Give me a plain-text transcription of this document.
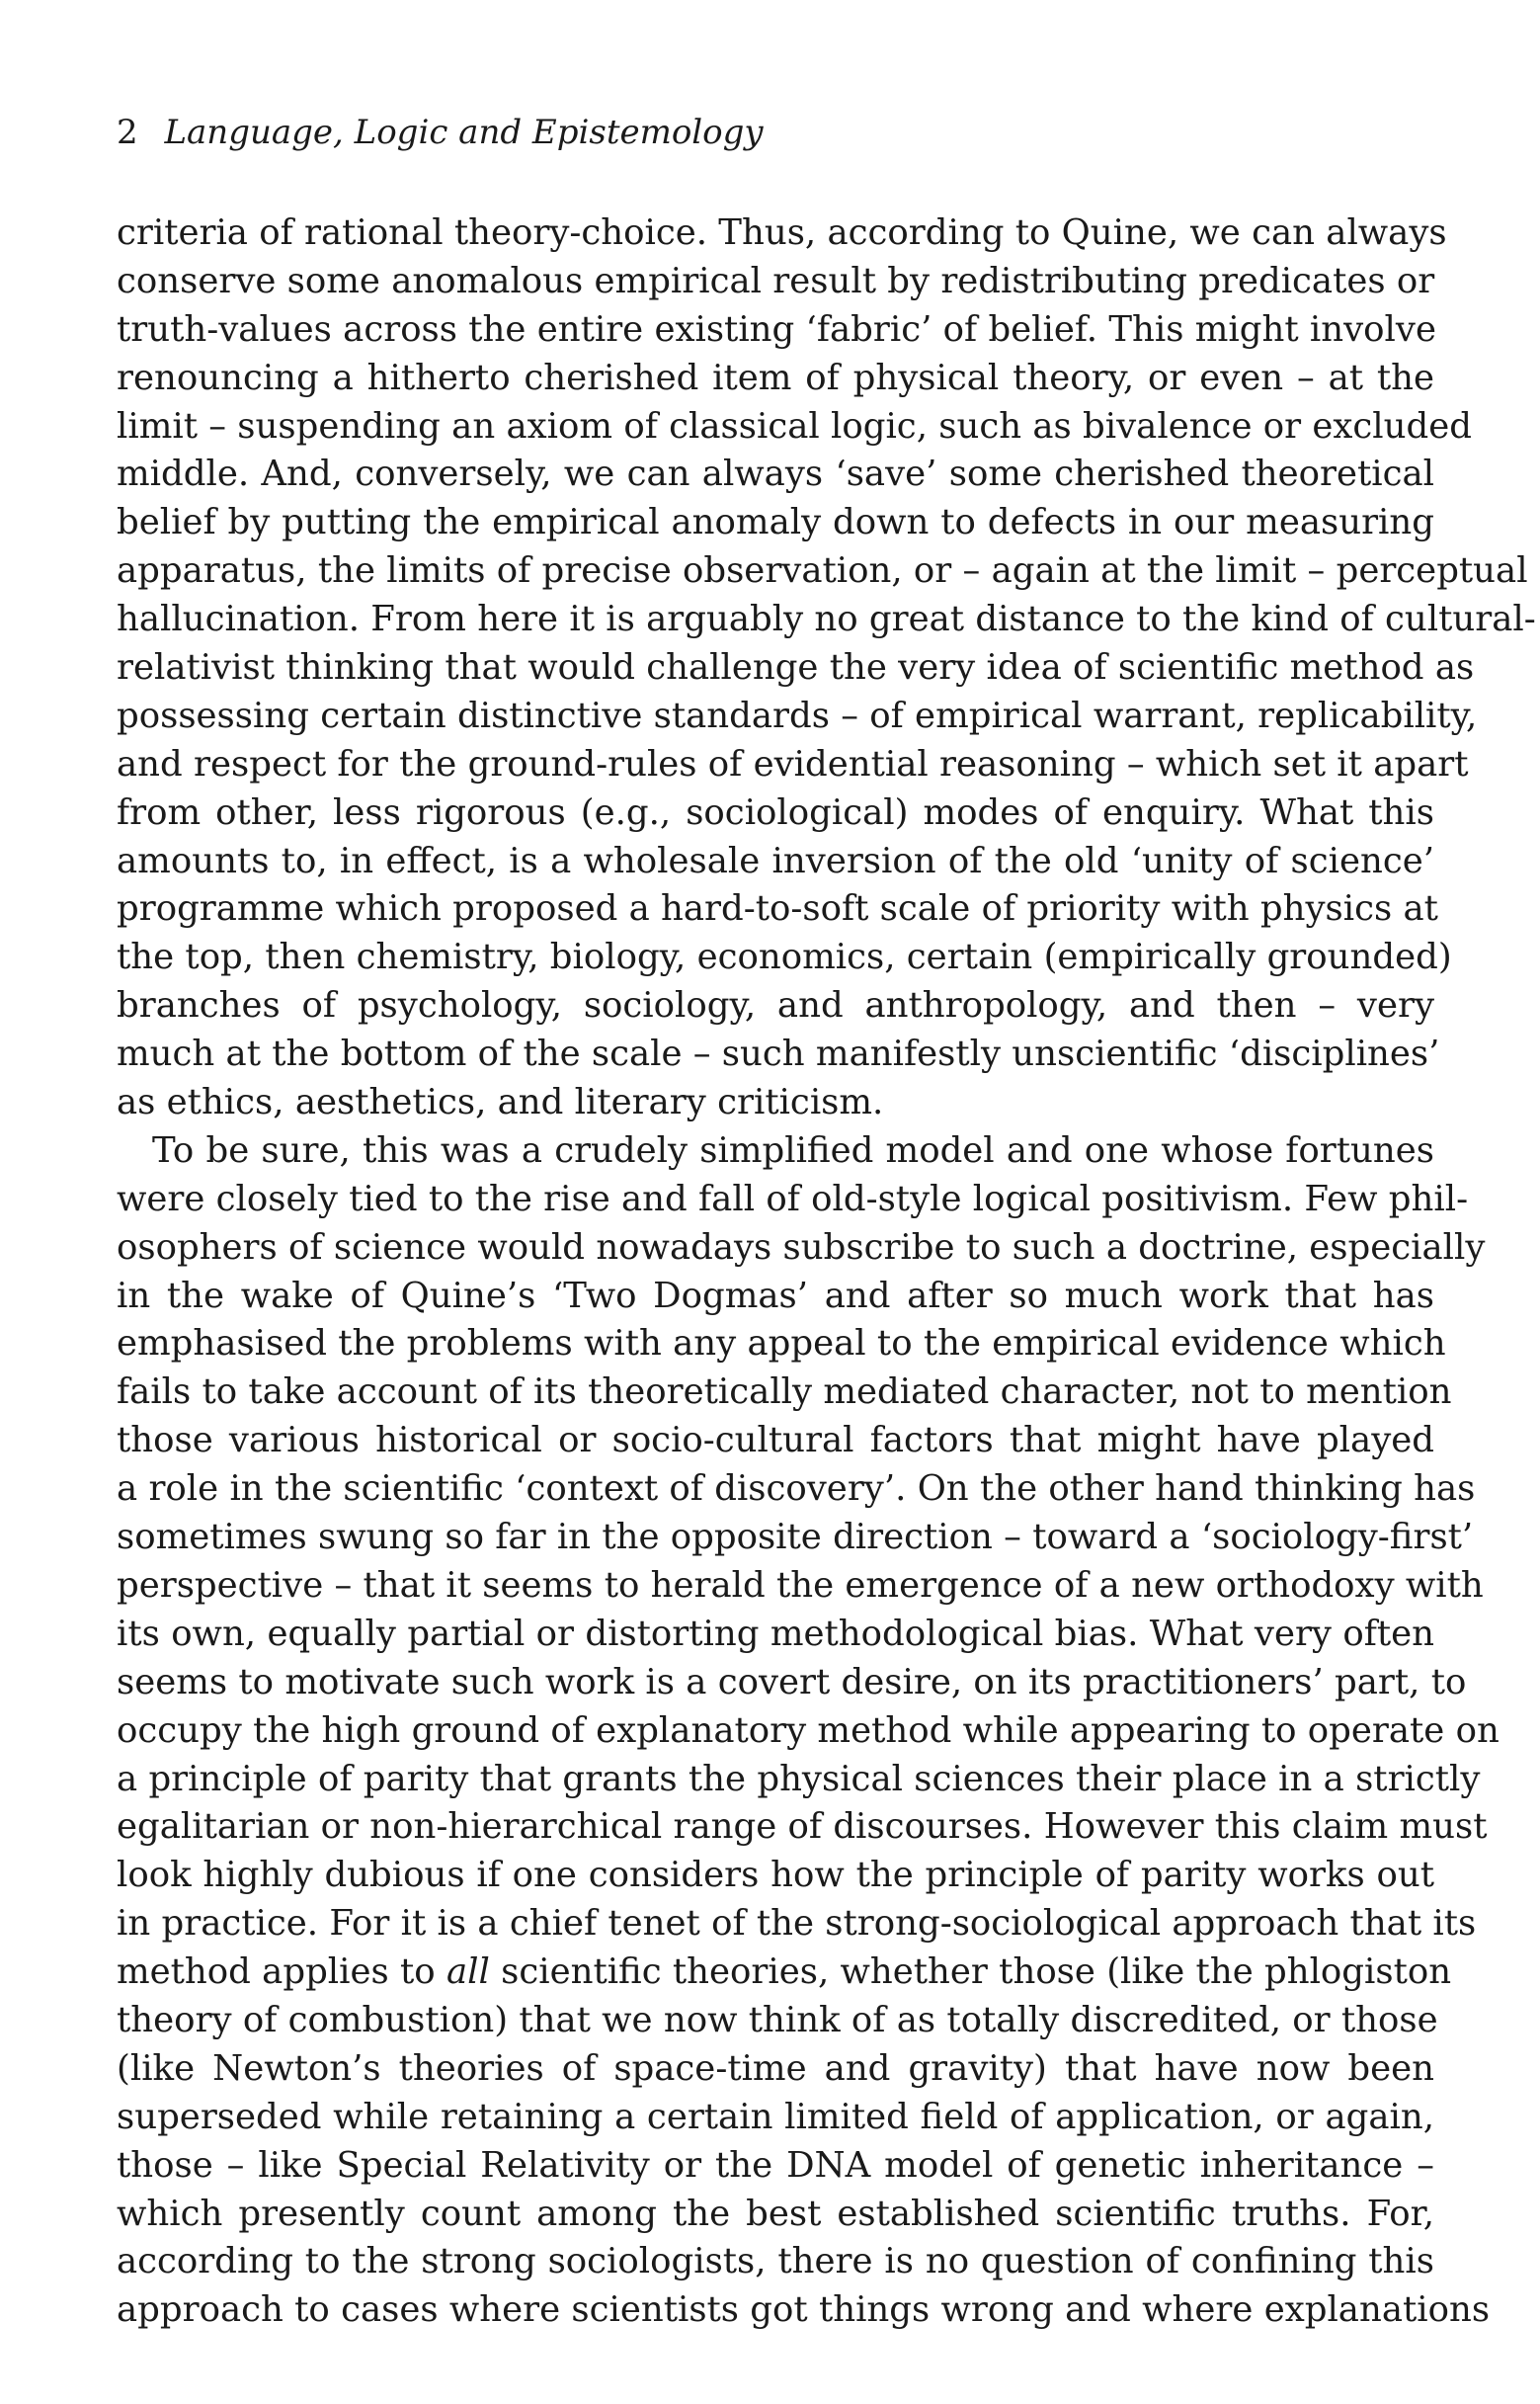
2 Language, Logic and Epistemology
criteria of rational theory-choice. Thus, according to Quine, we can always
conserve some anomalous empirical result by redistributing predicates or
truth-values across the entire existing ‘fabric’ of belief. This might involve
renouncing a hitherto cherished item of physical theory, or even – at the
limit – suspending an axiom of classical logic, such as bivalence or excluded
middle. And, conversely, we can always ‘save’ some cherished theoretical
belief by putting the empirical anomaly down to defects in our measuring
apparatus, the limits of precise observation, or – again at the limit – perceptual
hallucination. From here it is arguably no great distance to the kind of cultural-
relativist thinking that would challenge the very idea of scientific method as
possessing certain distinctive standards – of empirical warrant, replicability,
and respect for the ground-rules of evidential reasoning – which set it apart
from other, less rigorous (e.g., sociological) modes of enquiry. What this
amounts to, in effect, is a wholesale inversion of the old ‘unity of science’
programme which proposed a hard-to-soft scale of priority with physics at
the top, then chemistry, biology, economics, certain (empirically grounded)
branches of psychology, sociology, and anthropology, and then – very
much at the bottom of the scale – such manifestly unscientific ‘disciplines’
as ethics, aesthetics, and literary criticism.
To be sure, this was a crudely simplified model and one whose fortunes
were closely tied to the rise and fall of old-style logical positivism. Few phil-
osophers of science would nowadays subscribe to such a doctrine, especially
in the wake of Quine’s ‘Two Dogmas’ and after so much work that has
emphasised the problems with any appeal to the empirical evidence which
fails to take account of its theoretically mediated character, not to mention
those various historical or socio-cultural factors that might have played
a role in the scientific ‘context of discovery’. On the other hand thinking has
sometimes swung so far in the opposite direction – toward a ‘sociology-first’
perspective – that it seems to herald the emergence of a new orthodoxy with
its own, equally partial or distorting methodological bias. What very often
seems to motivate such work is a covert desire, on its practitioners’ part, to
occupy the high ground of explanatory method while appearing to operate on
a principle of parity that grants the physical sciences their place in a strictly
egalitarian or non-hierarchical range of discourses. However this claim must
look highly dubious if one considers how the principle of parity works out
in practice. For it is a chief tenet of the strong-sociological approach that its
method applies to all scientific theories, whether those (like the phlogiston
theory of combustion) that we now think of as totally discredited, or those
(like Newton’s theories of space-time and gravity) that have now been
superseded while retaining a certain limited field of application, or again,
those – like Special Relativity or the DNA model of genetic inheritance –
which presently count among the best established scientific truths. For,
according to the strong sociologists, there is no question of confining this
approach to cases where scientists got things wrong and where explanations
